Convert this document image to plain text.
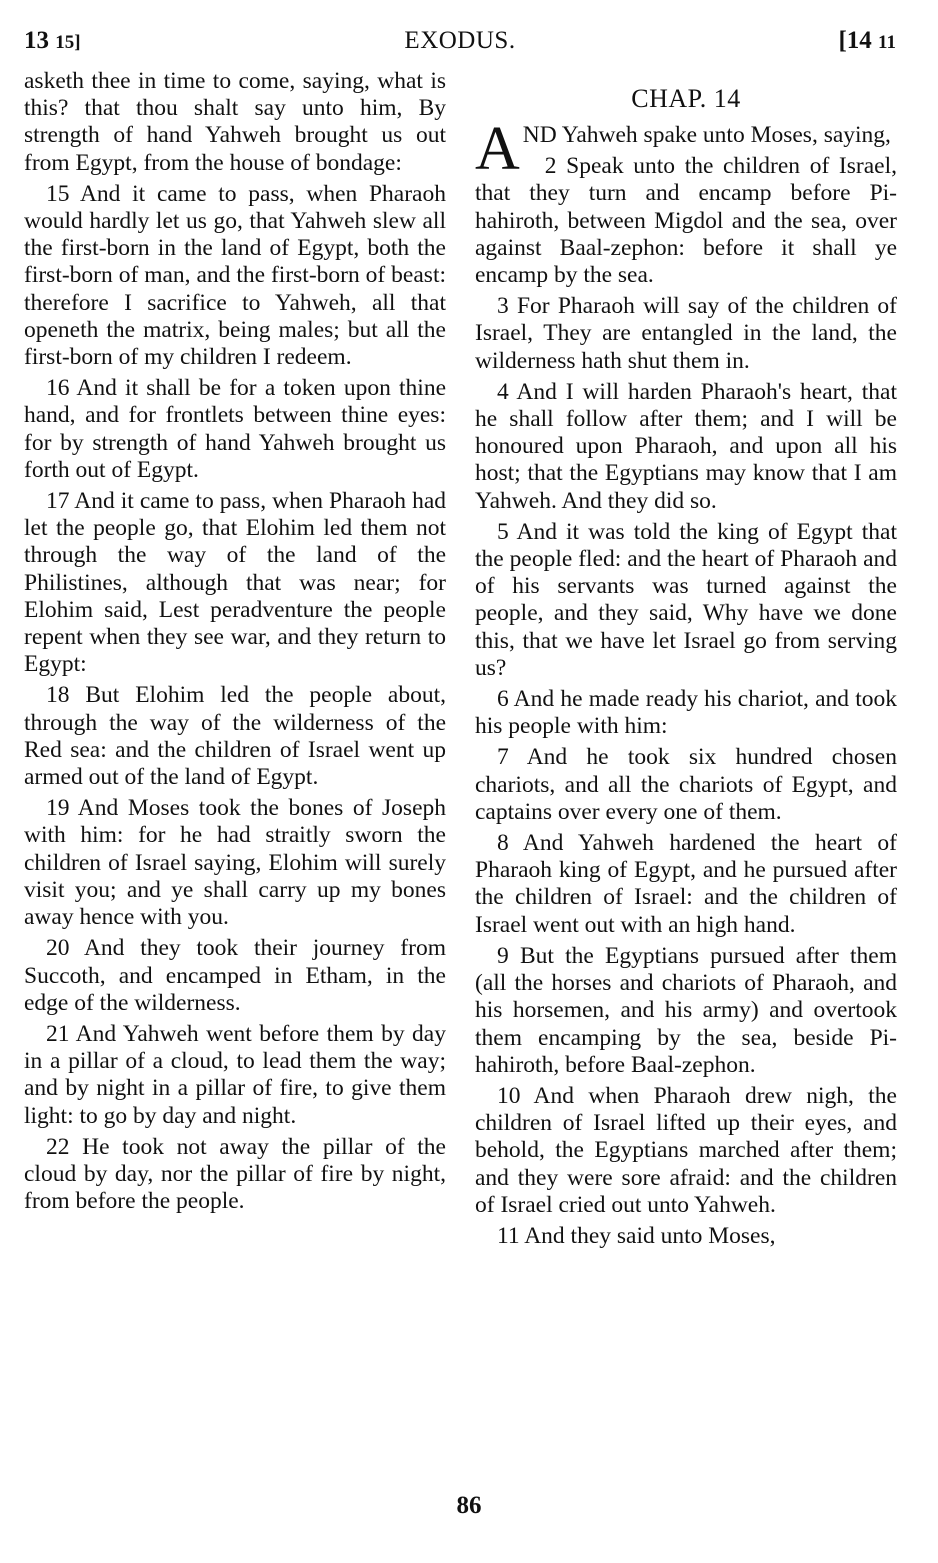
13 15]	EXODUS.	[14 11

asketh thee in time to come, saying, what is this? that thou shalt say unto him, By strength of hand Yahweh brought us out from Egypt, from the house of bondage:

15 And it came to pass, when Pharaoh would hardly let us go, that Yahweh slew all the first-born in the land of Egypt, both the first-born of man, and the first-born of beast: therefore I sacrifice to Yahweh, all that openeth the matrix, being males; but all the first-born of my children I redeem.

16 And it shall be for a token upon thine hand, and for frontlets between thine eyes: for by strength of hand Yahweh brought us forth out of Egypt.

17 And it came to pass, when Pharaoh had let the people go, that Elohim led them not through the way of the land of the Philistines, although that was near; for Elohim said, Lest peradventure the people repent when they see war, and they return to Egypt:

18 But Elohim led the people about, through the way of the wilderness of the Red sea: and the children of Israel went up armed out of the land of Egypt.

19 And Moses took the bones of Joseph with him: for he had straitly sworn the children of Israel saying, Elohim will surely visit you; and ye shall carry up my bones away hence with you.

20 And they took their journey from Succoth, and encamped in Etham, in the edge of the wilderness.

21 And Yahweh went before them by day in a pillar of a cloud, to lead them the way; and by night in a pillar of fire, to give them light: to go by day and night.

22 He took not away the pillar of the cloud by day, nor the pillar of fire by night, from before the people.

CHAP. 14

AND Yahweh spake unto Moses, saying,

2 Speak unto the children of Israel, that they turn and encamp before Pi-hahiroth, between Migdol and the sea, over against Baal-zephon: before it shall ye encamp by the sea.

3 For Pharaoh will say of the children of Israel, They are entangled in the land, the wilderness hath shut them in.

4 And I will harden Pharaoh's heart, that he shall follow after them; and I will be honoured upon Pharaoh, and upon all his host; that the Egyptians may know that I am Yahweh. And they did so.

5 And it was told the king of Egypt that the people fled: and the heart of Pharaoh and of his servants was turned against the people, and they said, Why have we done this, that we have let Israel go from serving us?

6 And he made ready his chariot, and took his people with him:

7 And he took six hundred chosen chariots, and all the chariots of Egypt, and captains over every one of them.

8 And Yahweh hardened the heart of Pharaoh king of Egypt, and he pursued after the children of Israel: and the children of Israel went out with an high hand.

9 But the Egyptians pursued after them (all the horses and chariots of Pharaoh, and his horsemen, and his army) and overtook them encamping by the sea, beside Pi-hahiroth, before Baal-zephon.

10 And when Pharaoh drew nigh, the children of Israel lifted up their eyes, and behold, the Egyptians marched after them; and they were sore afraid: and the children of Israel cried out unto Yahweh.

11 And they said unto Moses,

86
